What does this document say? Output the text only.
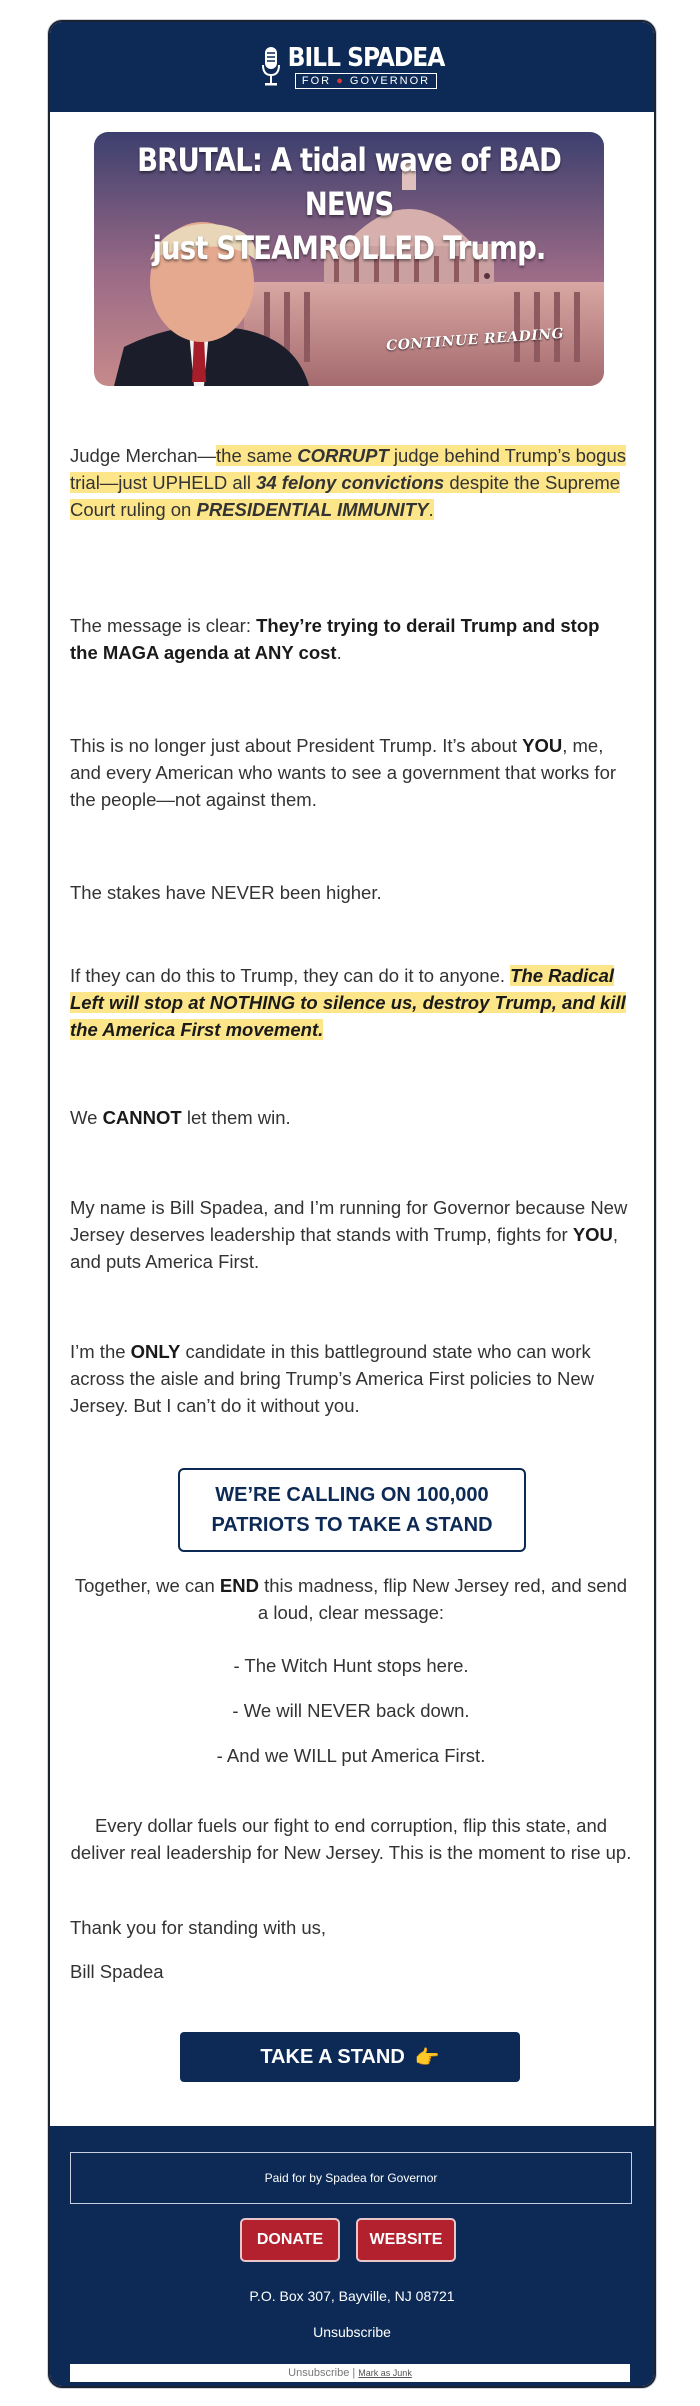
BILL SPADEA
FOR ● GOVERNOR
BRUTAL: A tidal wave of BAD NEWS
just STEAMROLLED Trump.
CONTINUE READING

Judge Merchan—the same CORRUPT judge behind Trump’s bogus trial—just UPHELD all 34 felony convictions despite the Supreme Court ruling on PRESIDENTIAL IMMUNITY.

The message is clear: They’re trying to derail Trump and stop the MAGA agenda at ANY cost.

This is no longer just about President Trump. It’s about YOU, me, and every American who wants to see a government that works for the people—not against them.

The stakes have NEVER been higher.

If they can do this to Trump, they can do it to anyone. The Radical Left will stop at NOTHING to silence us, destroy Trump, and kill the America First movement.

We CANNOT let them win.

My name is Bill Spadea, and I’m running for Governor because New Jersey deserves leadership that stands with Trump, fights for YOU, and puts America First.

I’m the ONLY candidate in this battleground state who can work across the aisle and bring Trump’s America First policies to New Jersey. But I can’t do it without you.

WE’RE CALLING ON 100,000
PATRIOTS TO TAKE A STAND

Together, we can END this madness, flip New Jersey red, and send a loud, clear message:

- The Witch Hunt stops here.

- We will NEVER back down.

- And we WILL put America First.

Every dollar fuels our fight to end corruption, flip this state, and deliver real leadership for New Jersey. This is the moment to rise up.

Thank you for standing with us,

Bill Spadea

TAKE A STAND 👉
Paid for by Spadea for Governor
DONATE	WEBSITE
P.O. Box 307, Bayville, NJ 08721
Unsubscribe
Unsubscribe | Mark as Junk
